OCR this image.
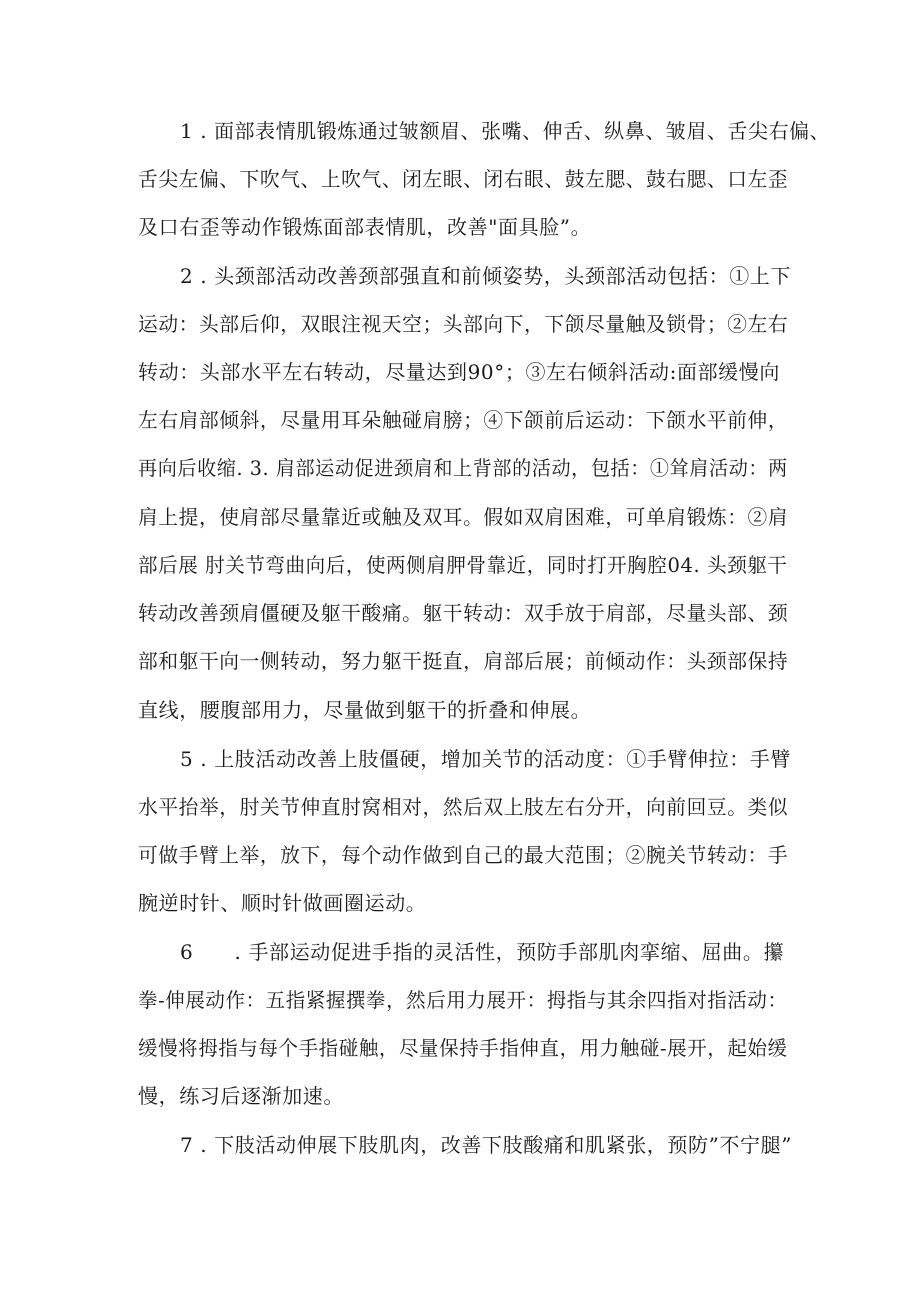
1 . 面部表情肌锻炼通过皱额眉、张嘴、伸舌、纵鼻、皱眉、舌尖右偏、
舌尖左偏、下吹气、上吹气、闭左眼、闭右眼、鼓左腮、鼓右腮、口左歪
及口右歪等动作锻炼面部表情肌，改善"面具脸”。
2 . 头颈部活动改善颈部强直和前倾姿势，头颈部活动包括：①上下
运动：头部后仰，双眼注视天空；头部向下，下颌尽量触及锁骨；②左右
转动：头部水平左右转动，尽量达到90°；③左右倾斜活动:面部缓慢向
左右肩部倾斜，尽量用耳朵触碰肩膀；④下颌前后运动：下颌水平前伸，
再向后收缩. 3. 肩部运动促进颈肩和上背部的活动，包括：①耸肩活动：两
肩上提，使肩部尽量靠近或触及双耳。假如双肩困难，可单肩锻炼：②肩
部后展 肘关节弯曲向后，使两侧肩胛骨靠近，同时打开胸腔04. 头颈躯干
转动改善颈肩僵硬及躯干酸痛。躯干转动：双手放于肩部，尽量头部、颈
部和躯干向一侧转动，努力躯干挺直，肩部后展；前倾动作：头颈部保持
直线，腰腹部用力，尽量做到躯干的折叠和伸展。
5 . 上肢活动改善上肢僵硬，增加关节的活动度：①手臂伸拉：手臂
水平抬举，肘关节伸直肘窝相对，然后双上肢左右分开，向前回豆。类似
可做手臂上举，放下，每个动作做到自己的最大范围；②腕关节转动：手
腕逆时针、顺时针做画圈运动。
6　　. 手部运动促进手指的灵活性，预防手部肌肉挛缩、屈曲。攥
拳-伸展动作：五指紧握撰拳，然后用力展开：拇指与其余四指对指活动：
缓慢将拇指与每个手指碰触，尽量保持手指伸直，用力触碰-展开，起始缓
慢，练习后逐渐加速。
7 . 下肢活动伸展下肢肌肉，改善下肢酸痛和肌紧张，预防”不宁腿”
